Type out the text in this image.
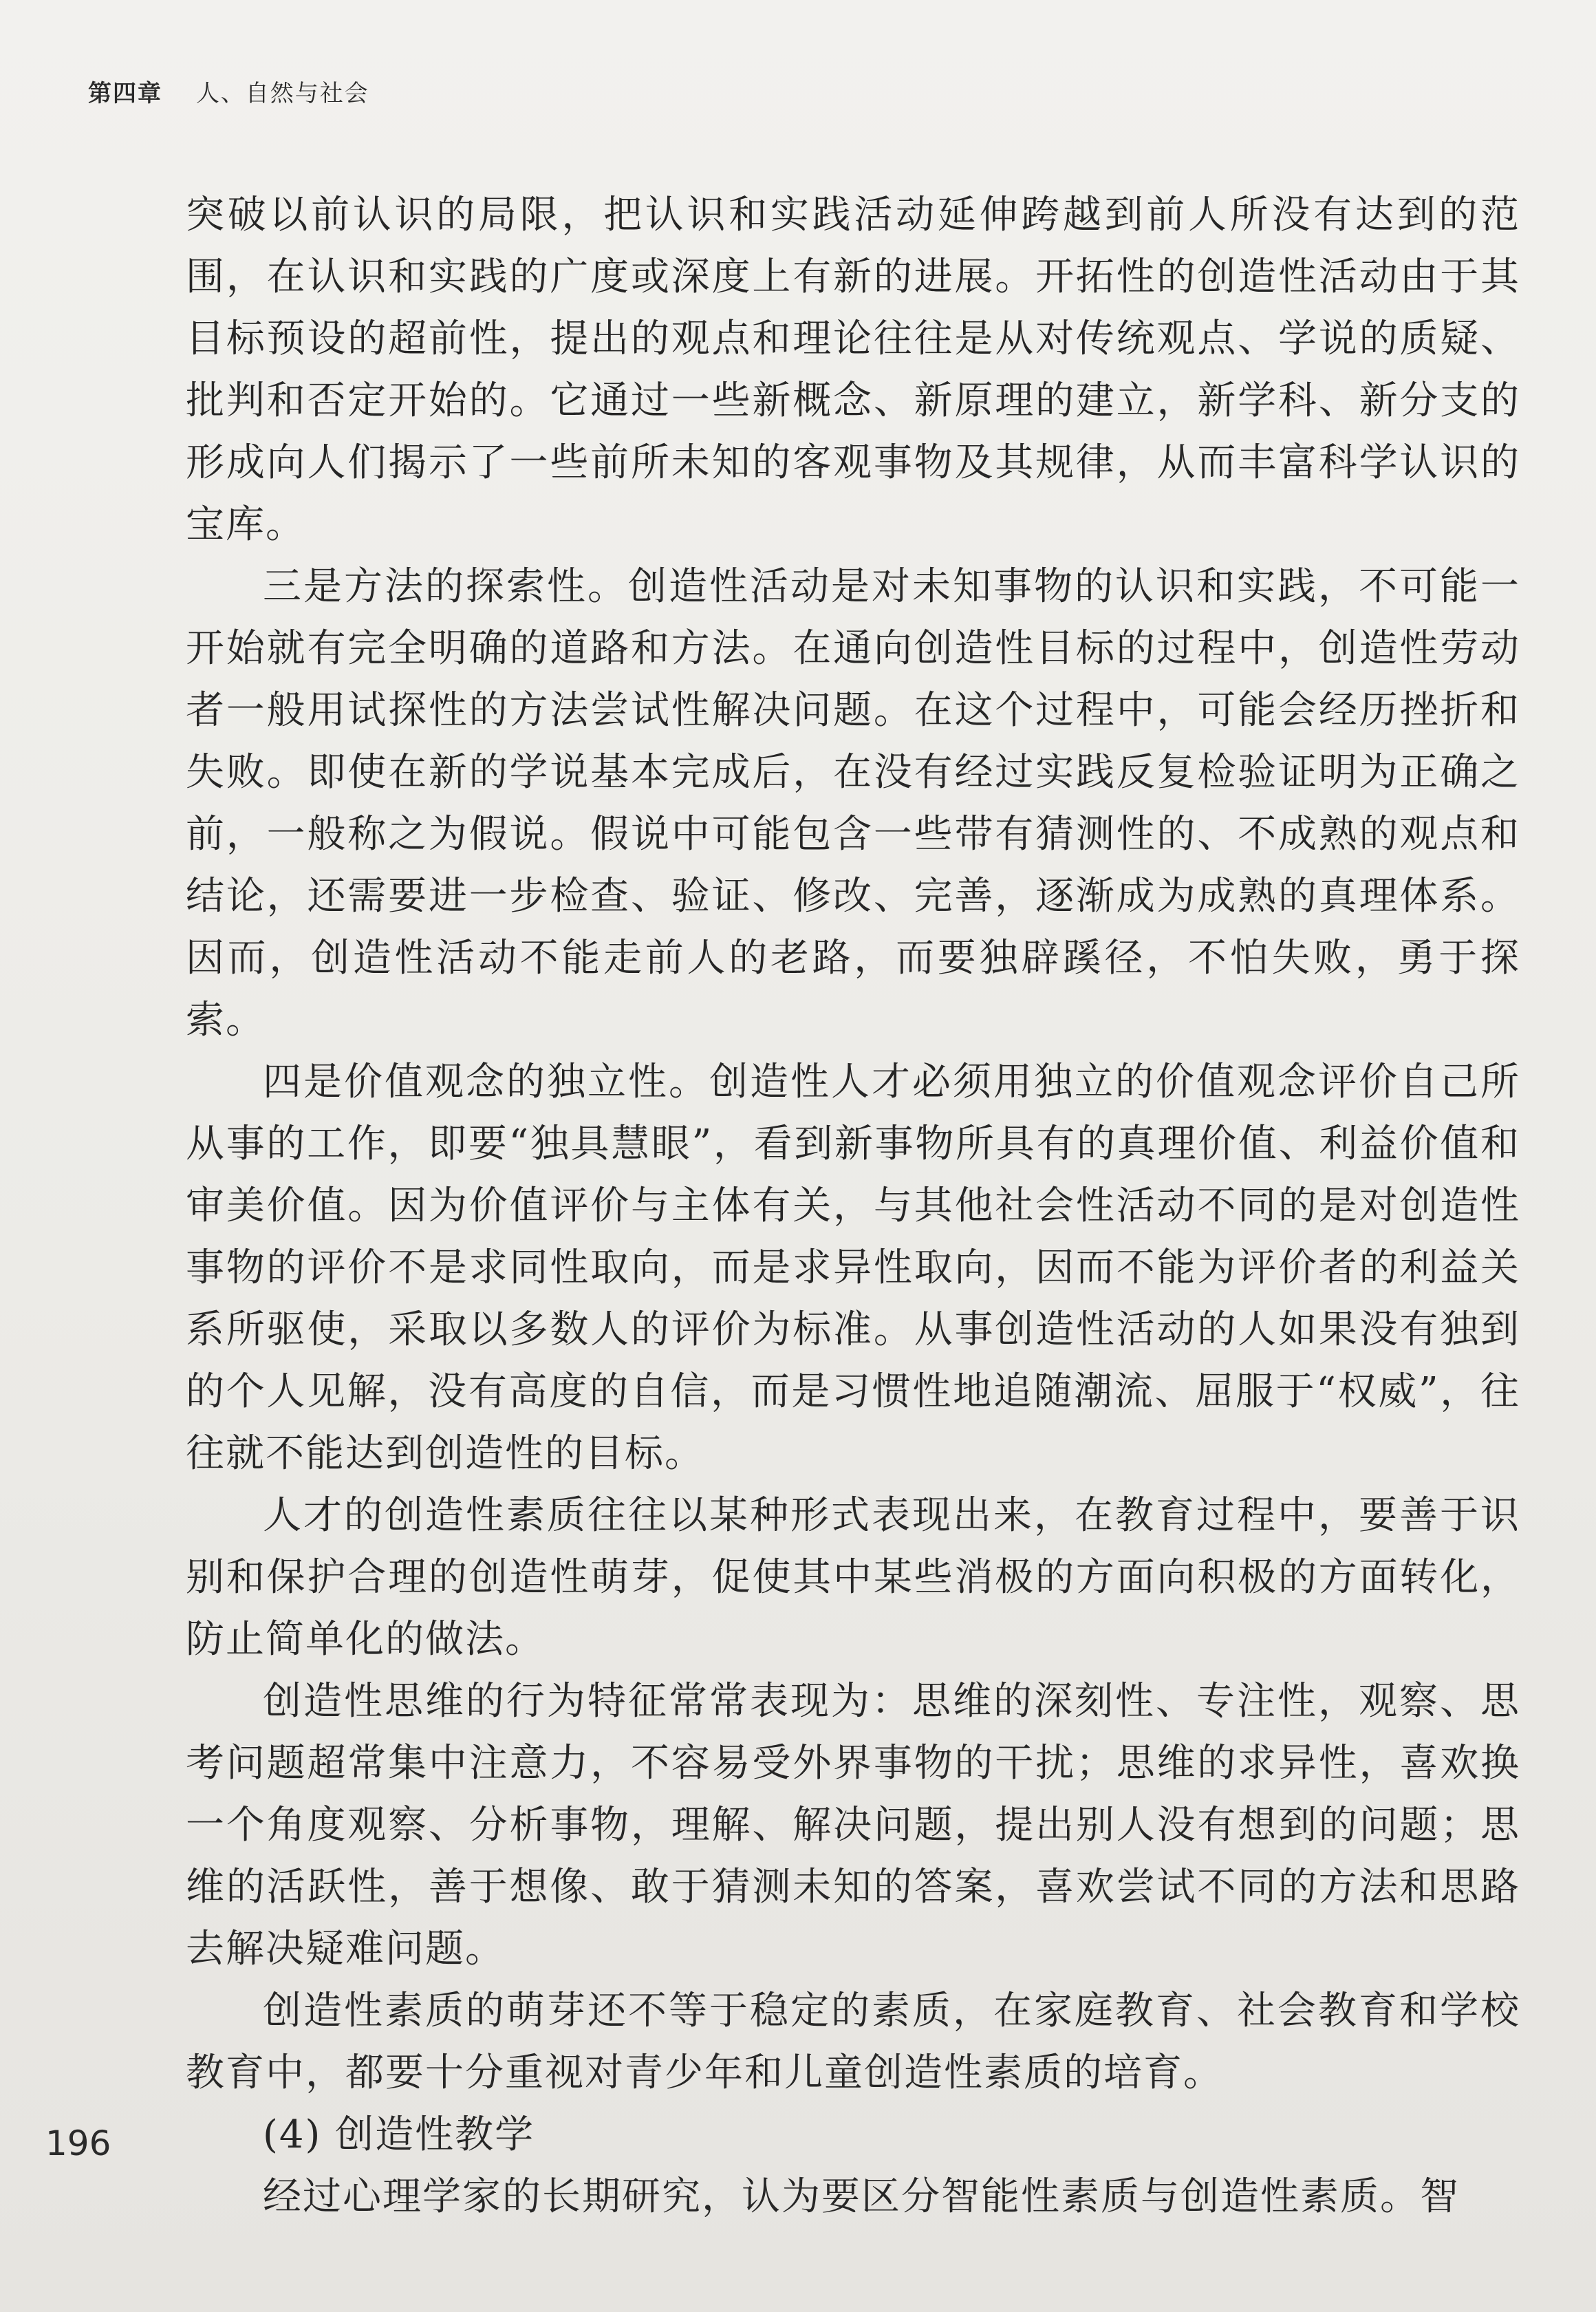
第四章 人、自然与社会

突破以前认识的局限，把认识和实践活动延伸跨越到前人所没有达到的范围，在认识和实践的广度或深度上有新的进展。开拓性的创造性活动由于其目标预设的超前性，提出的观点和理论往往是从对传统观点、学说的质疑、批判和否定开始的。它通过一些新概念、新原理的建立，新学科、新分支的形成向人们揭示了一些前所未知的客观事物及其规律，从而丰富科学认识的宝库。

三是方法的探索性。创造性活动是对未知事物的认识和实践，不可能一开始就有完全明确的道路和方法。在通向创造性目标的过程中，创造性劳动者一般用试探性的方法尝试性解决问题。在这个过程中，可能会经历挫折和失败。即使在新的学说基本完成后，在没有经过实践反复检验证明为正确之前，一般称之为假说。假说中可能包含一些带有猜测性的、不成熟的观点和结论，还需要进一步检查、验证、修改、完善，逐渐成为成熟的真理体系。因而，创造性活动不能走前人的老路，而要独辟蹊径，不怕失败，勇于探索。

四是价值观念的独立性。创造性人才必须用独立的价值观念评价自己所从事的工作，即要“独具慧眼”，看到新事物所具有的真理价值、利益价值和审美价值。因为价值评价与主体有关，与其他社会性活动不同的是对创造性事物的评价不是求同性取向，而是求异性取向，因而不能为评价者的利益关系所驱使，采取以多数人的评价为标准。从事创造性活动的人如果没有独到的个人见解，没有高度的自信，而是习惯性地追随潮流、屈服于“权威”，往往就不能达到创造性的目标。

人才的创造性素质往往以某种形式表现出来，在教育过程中，要善于识别和保护合理的创造性萌芽，促使其中某些消极的方面向积极的方面转化，防止简单化的做法。

创造性思维的行为特征常常表现为：思维的深刻性、专注性，观察、思考问题超常集中注意力，不容易受外界事物的干扰；思维的求异性，喜欢换一个角度观察、分析事物，理解、解决问题，提出别人没有想到的问题；思维的活跃性，善于想像、敢于猜测未知的答案，喜欢尝试不同的方法和思路去解决疑难问题。

创造性素质的萌芽还不等于稳定的素质，在家庭教育、社会教育和学校教育中，都要十分重视对青少年和儿童创造性素质的培育。

(4) 创造性教学

经过心理学家的长期研究，认为要区分智能性素质与创造性素质。智

196
